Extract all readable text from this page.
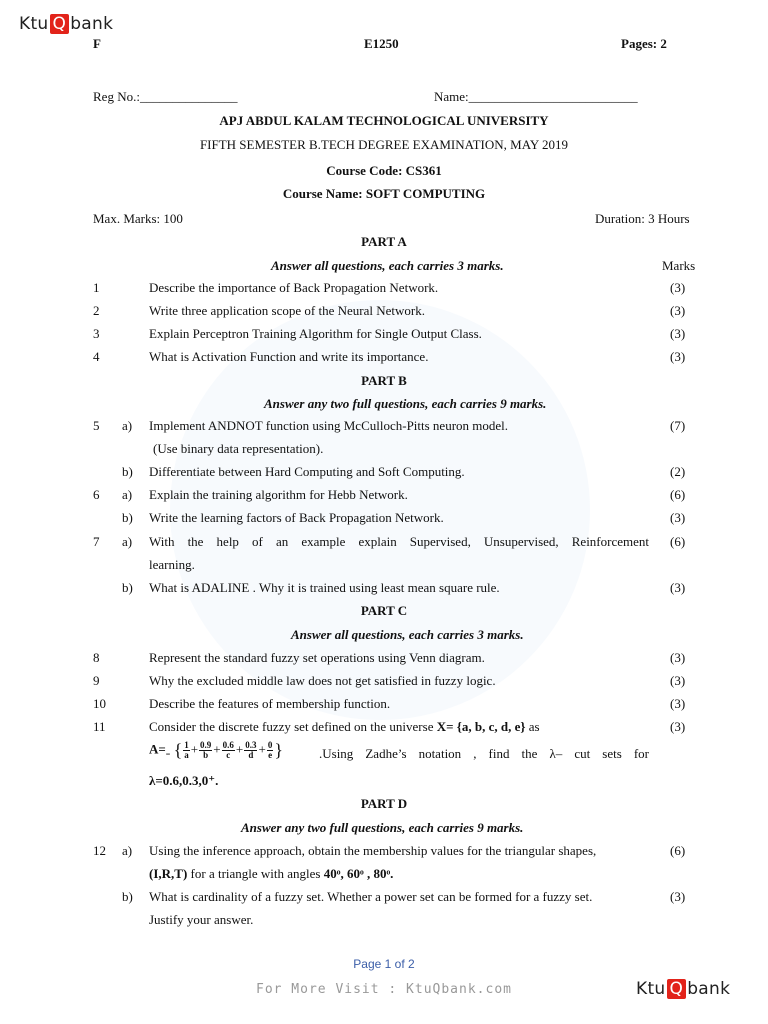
Ktu Q bank
F	E1250	Pages: 2
Reg No.:_______________	Name:__________________________
APJ ABDUL KALAM TECHNOLOGICAL UNIVERSITY
FIFTH SEMESTER B.TECH DEGREE EXAMINATION, MAY 2019
Course Code: CS361
Course Name: SOFT COMPUTING
Max. Marks: 100	Duration: 3 Hours
PART A
Answer all questions, each carries 3 marks.	Marks
1	Describe the importance of Back Propagation Network.	(3)
2	Write three application scope of the Neural Network.	(3)
3	Explain Perceptron Training Algorithm for Single Output Class.	(3)
4	What is Activation Function and write its importance.	(3)
PART B
Answer any two full questions, each carries 9 marks.
5 a) Implement ANDNOT function using McCulloch-Pitts neuron model.	(7)
(Use binary data representation).
b) Differentiate between Hard Computing and Soft Computing.	(2)
6 a) Explain the training algorithm for Hebb Network.	(6)
b) Write the learning factors of Back Propagation Network.	(3)
7 a) With the help of an example explain Supervised, Unsupervised, Reinforcement (6)
learning.
b) What is ADALINE . Why it is trained using least mean square rule.	(3)
PART C
Answer all questions, each carries 3 marks.
8	Represent the standard fuzzy set operations using Venn diagram.	(3)
9	Why the excluded middle law does not get satisfied in fuzzy logic.	(3)
10	Describe the features of membership function.	(3)
11	Consider the discrete fuzzy set defined on the universe X= {a, b, c, d, e} as	(3)
$A=_=$ { $\frac{1}{a} + \frac{0.9}{b} + \frac{0.6}{c} + \frac{0.3}{d} + \frac{0}{e}$ }	.Using Zadhe’s notation , find the λ– cut sets for
λ=0.6,0.3,0⁺.
PART D
Answer any two full questions, each carries 9 marks.
12 a) Using the inference approach, obtain the membership values for the triangular shapes,	(6)
(I,R,T) for a triangle with angles 40ᵒ, 60ᵒ , 80ᵒ.
b) What is cardinality of a fuzzy set. Whether a power set can be formed for a fuzzy set.	(3)
Justify your answer.
Page 1 of 2
For More Visit : KtuQbank.com	Ktu Q bank
